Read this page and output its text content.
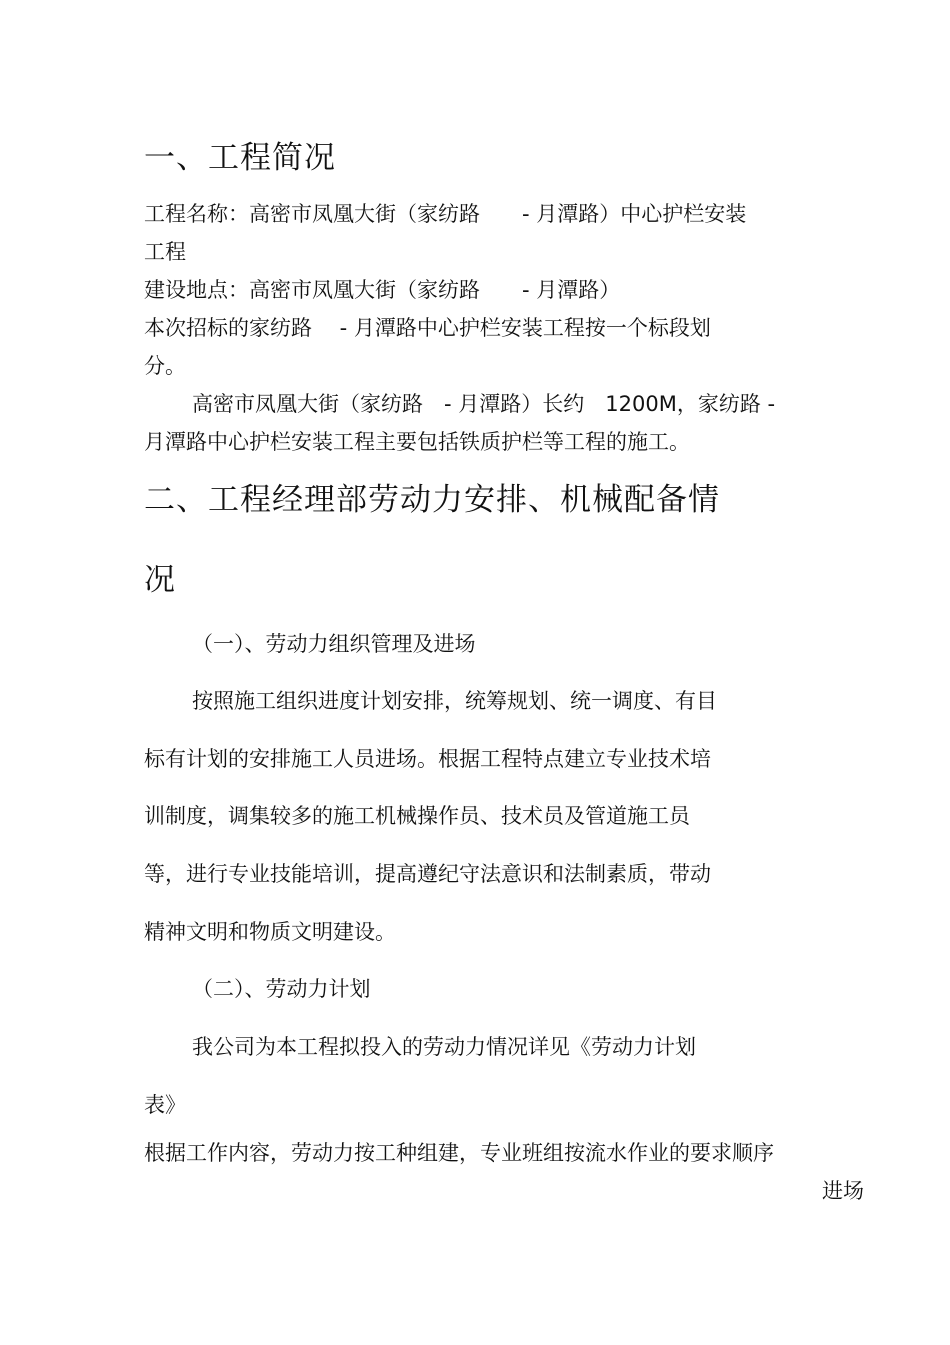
一、工程简况
工程名称：高密市凤凰大街（家纺路　　- 月潭路）中心护栏安装
工程
建设地点：高密市凤凰大街（家纺路　　- 月潭路）
本次招标的家纺路　 - 月潭路中心护栏安装工程按一个标段划
分。
高密市凤凰大街（家纺路　- 月潭路）长约　1200M，家纺路 -
月潭路中心护栏安装工程主要包括铁质护栏等工程的施工。
二、工程经理部劳动力安排、机械配备情
况
（一）、劳动力组织管理及进场
按照施工组织进度计划安排，统筹规划、统一调度、有目
标有计划的安排施工人员进场。根据工程特点建立专业技术培
训制度，调集较多的施工机械操作员、技术员及管道施工员
等，进行专业技能培训，提高遵纪守法意识和法制素质，带动
精神文明和物质文明建设。
（二）、劳动力计划
我公司为本工程拟投入的劳动力情况详见《劳动力计划
表》
根据工作内容，劳动力按工种组建，专业班组按流水作业的要求顺序
进场
